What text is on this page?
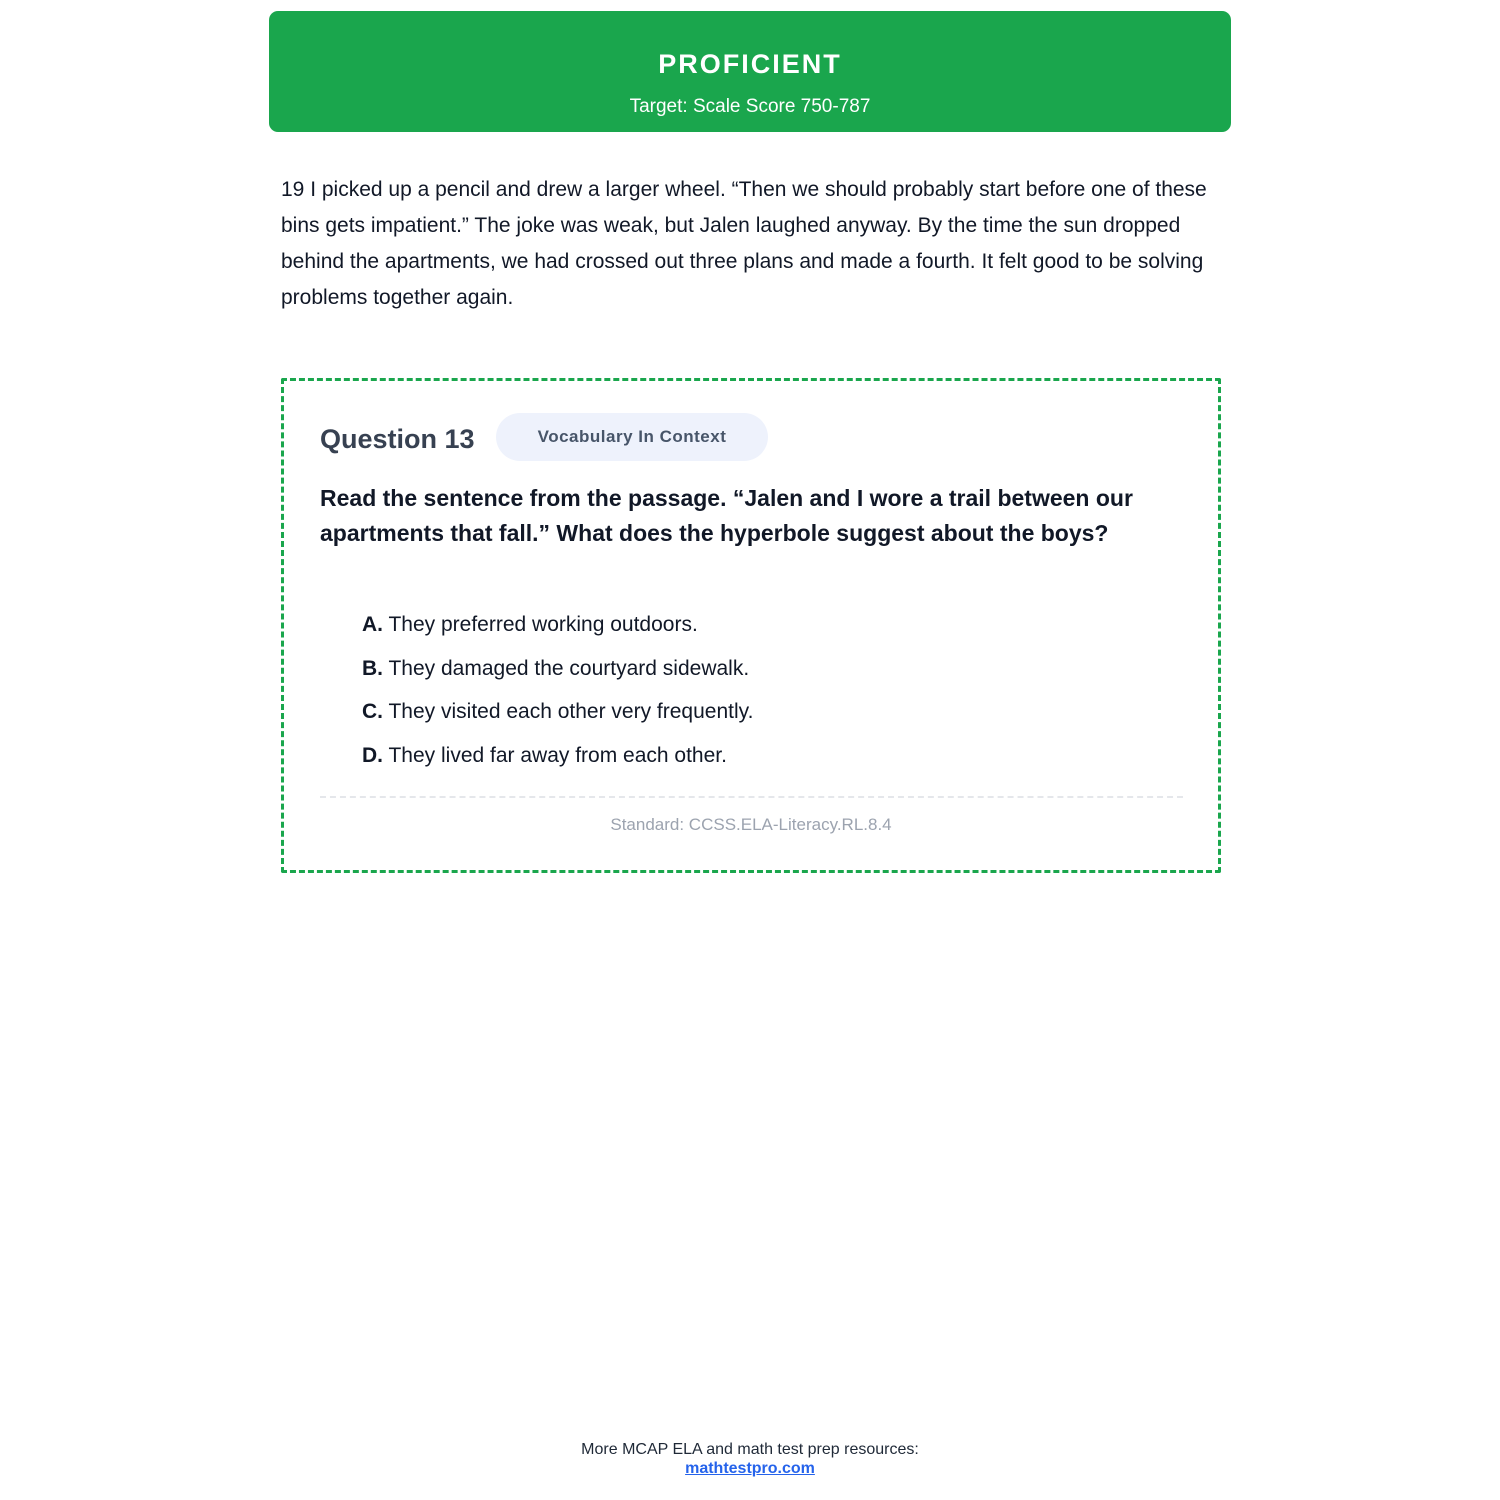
PROFICIENT
Target: Scale Score 750-787

19 I picked up a pencil and drew a larger wheel. “Then we should probably start before one of these bins gets impatient.” The joke was weak, but Jalen laughed anyway. By the time the sun dropped behind the apartments, we had crossed out three plans and made a fourth. It felt good to be solving problems together again.

Question 13	Vocabulary In Context

Read the sentence from the passage. “Jalen and I wore a trail between our apartments that fall.” What does the hyperbole suggest about the boys?

A. They preferred working outdoors.
B. They damaged the courtyard sidewalk.
C. They visited each other very frequently.
D. They lived far away from each other.
Standard: CCSS.ELA-Literacy.RL.8.4
More MCAP ELA and math test prep resources:
mathtestpro.com
